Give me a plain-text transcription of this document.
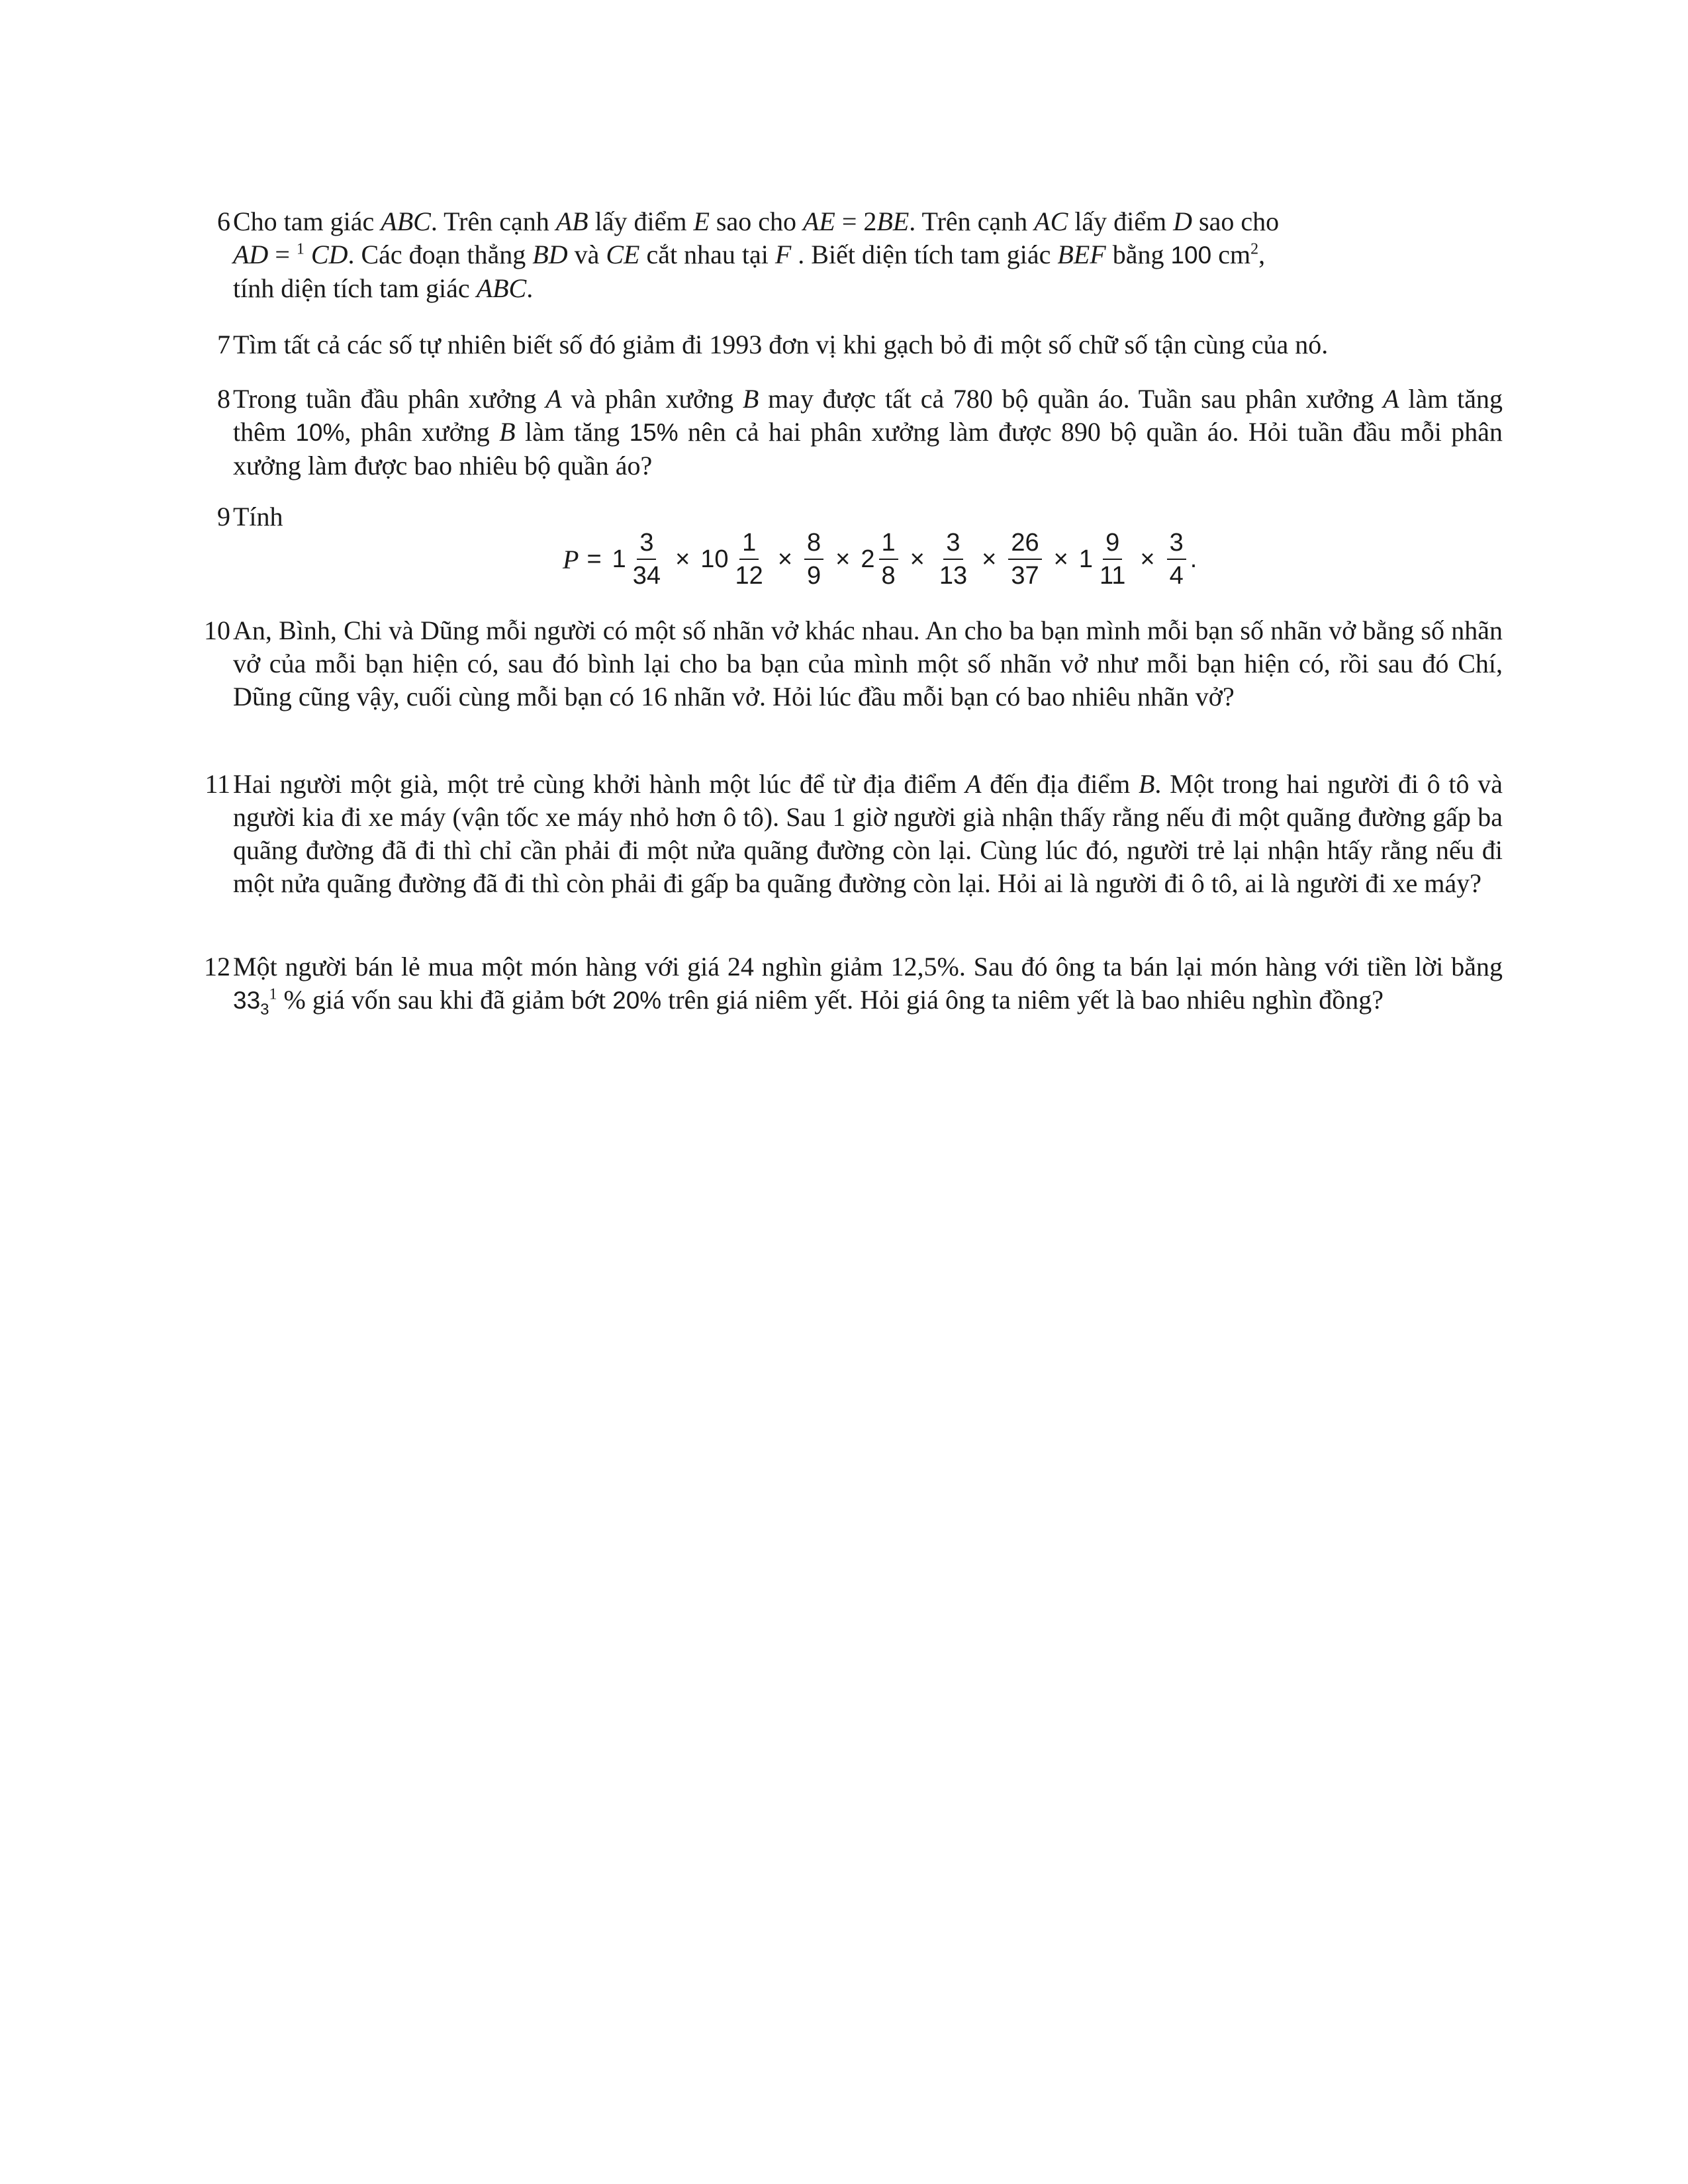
6 Cho tam giác ABC. Trên cạnh AB lấy điểm E sao cho AE = 2BE. Trên cạnh AC lấy điểm D sao cho

AD = $^1$ CD. Các đoạn thẳng BD và CE cắt nhau tại F . Biết diện tích tam giác BEF bằng 100 $cm^2$,

tính diện tích tam giác ABC.

7 Tìm tất cả các số tự nhiên biết số đó giảm đi 1993 đơn vị khi gạch bỏ đi một số chữ số tận cùng của nó.
8 Trong tuần đầu phân xưởng A và phân xưởng B may được tất cả 780 bộ quần áo. Tuần sau phân xưởng A làm tăng thêm 10%, phân xưởng B làm tăng 15% nên cả hai phân xưởng làm được 890 bộ quần áo. Hỏi tuần đầu mỗi phân xưởng làm được bao nhiêu bộ quần áo?
9 Tính
$P = 1 \frac{3}{34} \times 10 \frac{1}{12} \times \frac{8}{9} \times 2 \frac{1}{8} \times \frac{3}{13} \times \frac{26}{37} \times 1 \frac{9}{11} \times \frac{3}{4}$ .
10 An, Bình, Chi và Dũng mỗi người có một số nhãn vở khác nhau. An cho ba bạn mình mỗi bạn số nhãn vở bằng số nhãn vở của mỗi bạn hiện có, sau đó bình lại cho ba bạn của mình một số nhãn vở như mỗi bạn hiện có, rồi sau đó Chí, Dũng cũng vậy, cuối cùng mỗi bạn có 16 nhãn vở. Hỏi lúc đầu mỗi bạn có bao nhiêu nhãn vở?
11 Hai người một già, một trẻ cùng khởi hành một lúc để từ địa điểm A đến địa điểm B. Một trong hai người đi ô tô và người kia đi xe máy (vận tốc xe máy nhỏ hơn ô tô). Sau 1 giờ người già nhận thấy rằng nếu đi một quãng đường gấp ba quãng đường đã đi thì chỉ cần phải đi một nửa quãng đường còn lại. Cùng lúc đó, người trẻ lại nhận htấy rằng nếu đi một nửa quãng đường đã đi thì còn phải đi gấp ba quãng đường còn lại. Hỏi ai là người đi ô tô, ai là người đi xe máy?
12 Một người bán lẻ mua một món hàng với giá 24 nghìn giảm 12,5%. Sau đó ông ta bán lại món hàng với tiền lời bằng $33_3^1$ % giá vốn sau khi đã giảm bớt 20% trên giá niêm yết. Hỏi giá ông ta niêm yết là bao nhiêu nghìn đồng?
